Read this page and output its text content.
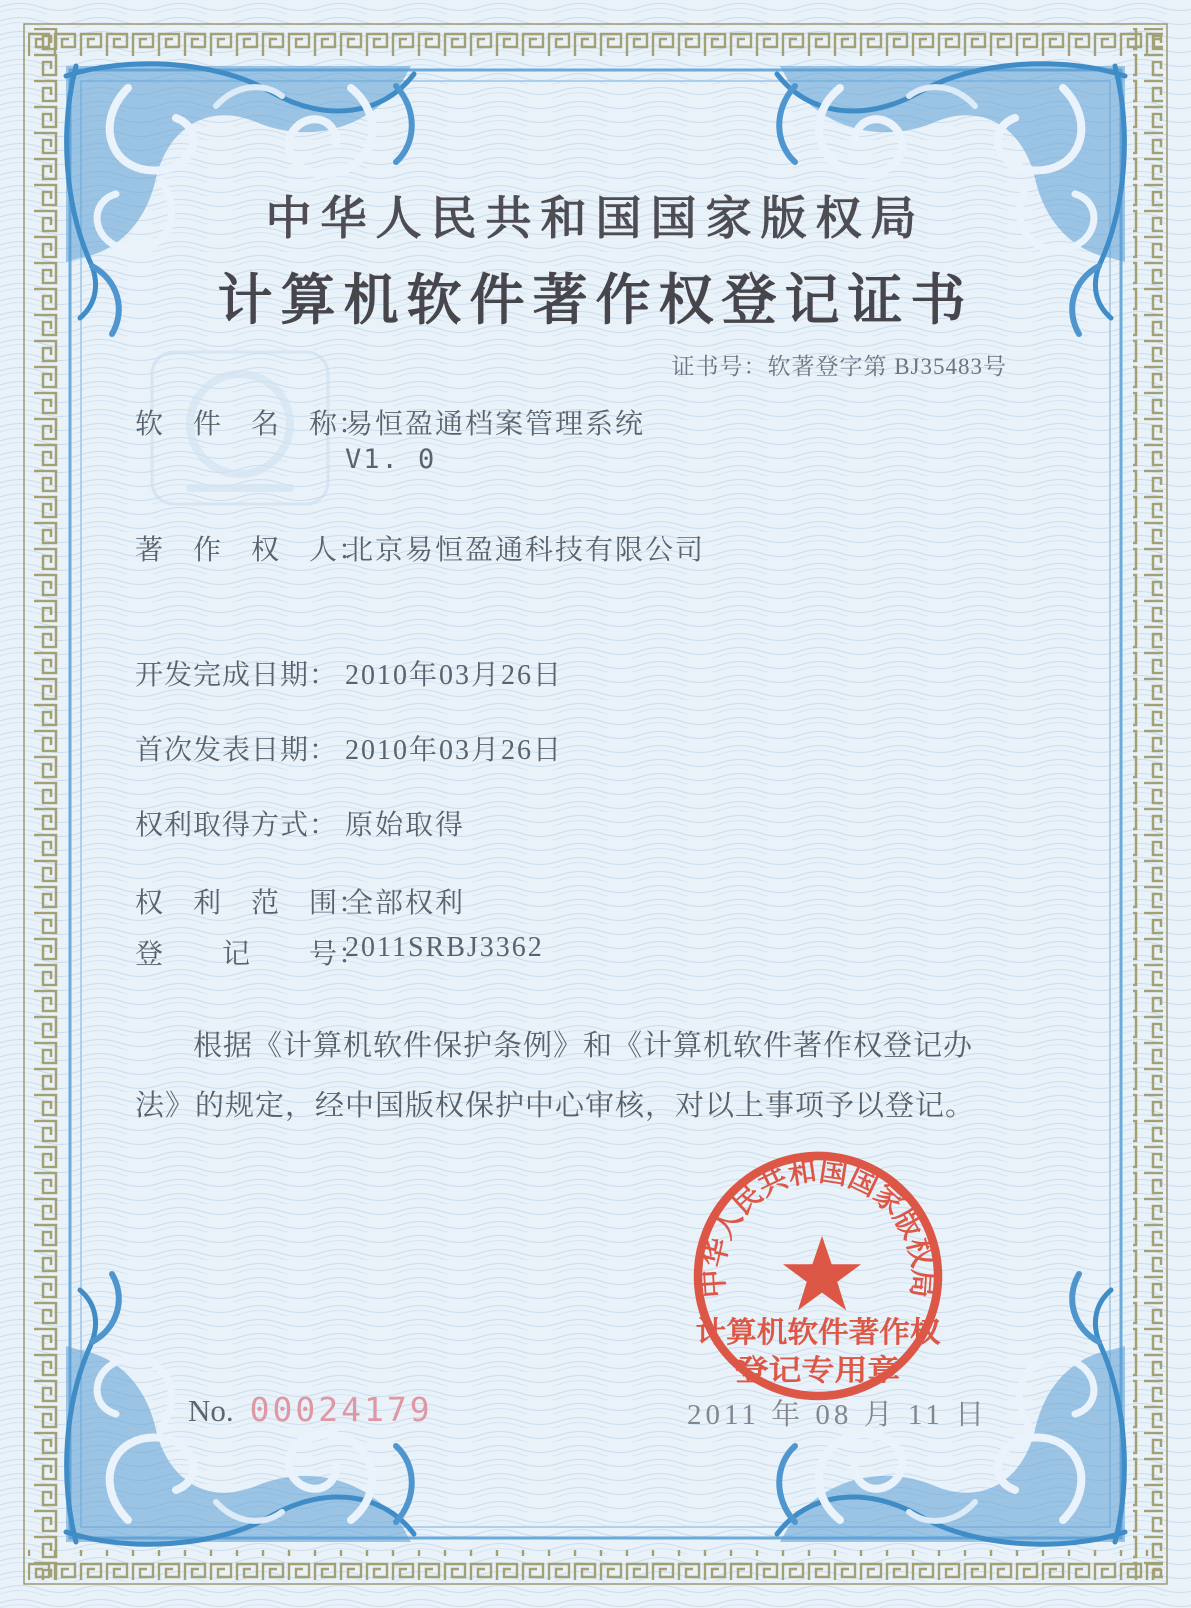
中华人民共和国国家版权局
计算机软件著作权
登记专用章
中华人民共和国国家版权局
计算机软件著作权登记证书
证书号：软著登字第 BJ35483号
软　件　名　称：
易恒盈通档案管理系统
V1. 0
著　作　权　人：
北京易恒盈通科技有限公司
开发完成日期： 2010年03月26日
首次发表日期： 2010年03月26日
权利取得方式： 原始取得
权　利　范　围：
全部权利
登　　记　　号：
2011SRBJ3362
根据《计算机软件保护条例》和《计算机软件著作权登记办法》的规定，经中国版权保护中心审核，对以上事项予以登记。
No. 00024179	2011 年 08 月 11 日
